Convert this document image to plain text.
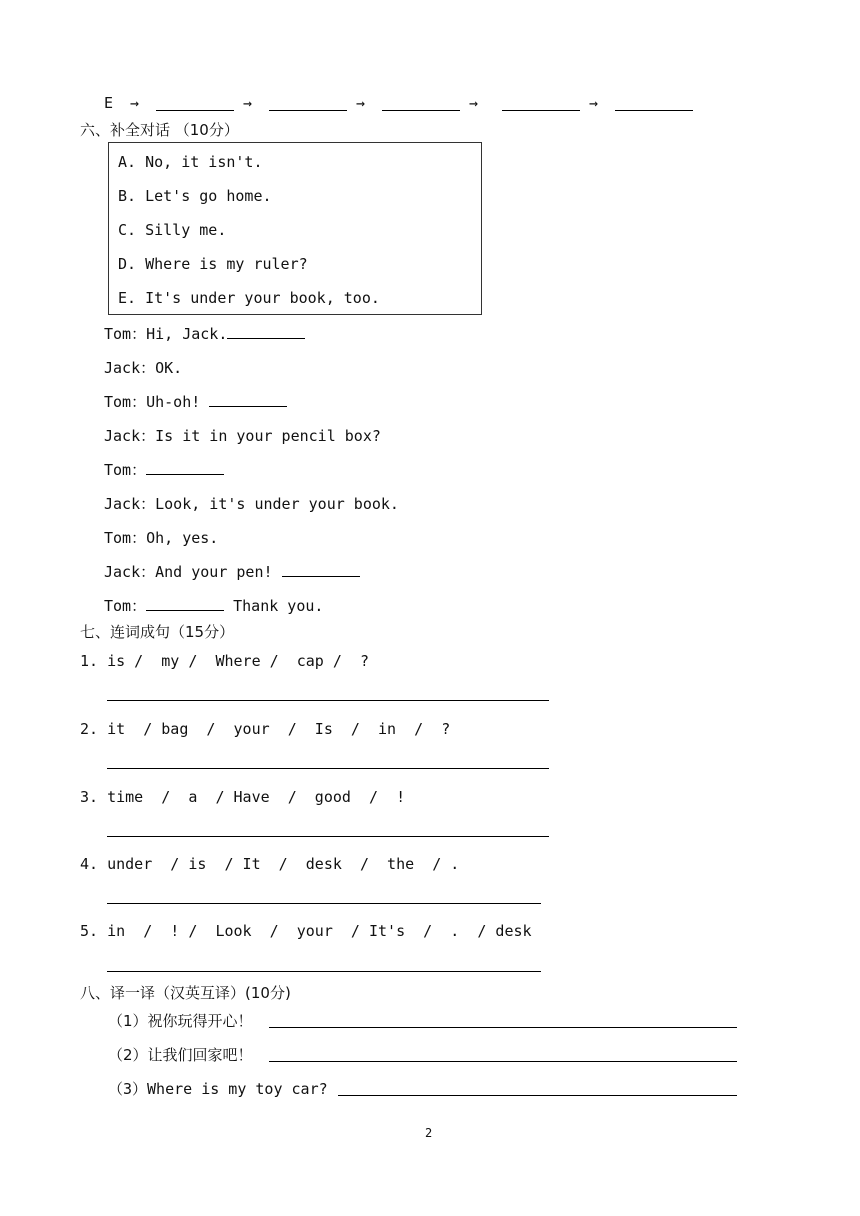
E →	→	→	→	→
六、补全对话 （10分）
A. No, it isn't.
B. Let's go home.
C. Silly me.
D. Where is my ruler?
E. It's under your book, too.
Tom：Hi, Jack.
Jack：OK.
Tom：Uh-oh!
Jack：Is it in your pencil box?
Tom：
Jack：Look, it's under your book.
Tom：Oh, yes.
Jack：And your pen!
Tom：	Thank you.
七、连词成句（15分）
1. is /  my /  Where /  cap /  ?
2. it  / bag  /  your  /  Is  /  in  /  ?
3. time  /  a  / Have  /  good  /  !
4. under  / is  / It  /  desk  /  the  / .
5. in  /  ! /  Look  /  your  / It's  /  .  / desk
八、译一译（汉英互译）(10分)
（1）祝你玩得开心！
（2）让我们回家吧！
（3）Where is my toy car?
2
